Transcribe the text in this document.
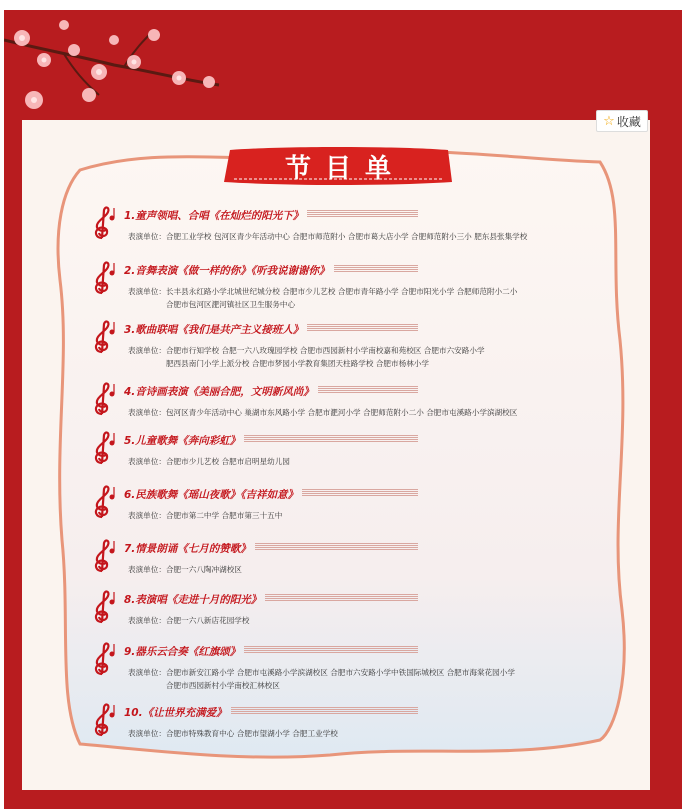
☆ 收藏
节目单
1.童声领唱、合唱《在灿烂的阳光下》
表演单位：合肥工业学校 包河区青少年活动中心 合肥市师范附小 合肥市葛大店小学 合肥师范附小三小 肥东县张集学校
2.音舞表演《做一样的你》《听我说谢谢你》
表演单位：长丰县永红路小学北城世纪城分校 合肥市少儿艺校 合肥市青年路小学 合肥市阳光小学 合肥师范附小二小
合肥市包河区淝河镇社区卫生服务中心
3.歌曲联唱《我们是共产主义接班人》
表演单位：合肥市行知学校 合肥一六八玫瑰园学校 合肥市西园新村小学南校嘉和苑校区 合肥市六安路小学
肥西县南门小学上派分校 合肥市梦园小学教育集团天柱路学校 合肥市杨林小学
4.音诗画表演《美丽合肥，文明新风尚》
表演单位：包河区青少年活动中心 巢湖市东风路小学 合肥市淝河小学 合肥师范附小二小 合肥市屯溪路小学滨湖校区
5.儿童歌舞《奔向彩虹》
表演单位：合肥市少儿艺校 合肥市启明星幼儿园
6.民族歌舞《瑶山夜歌》《吉祥如意》
表演单位：合肥市第二中学 合肥市第三十五中
7.情景朗诵《七月的赞歌》
表演单位：合肥一六八陶冲湖校区
8.表演唱《走进十月的阳光》
表演单位：合肥一六八新店花园学校
9.器乐云合奏《红旗颂》
表演单位：合肥市新安江路小学 合肥市屯溪路小学滨湖校区 合肥市六安路小学中铁国际城校区 合肥市海棠花园小学
合肥市西园新村小学南校汇林校区
10.《让世界充满爱》
表演单位：合肥市特殊教育中心 合肥市望湖小学 合肥工业学校
